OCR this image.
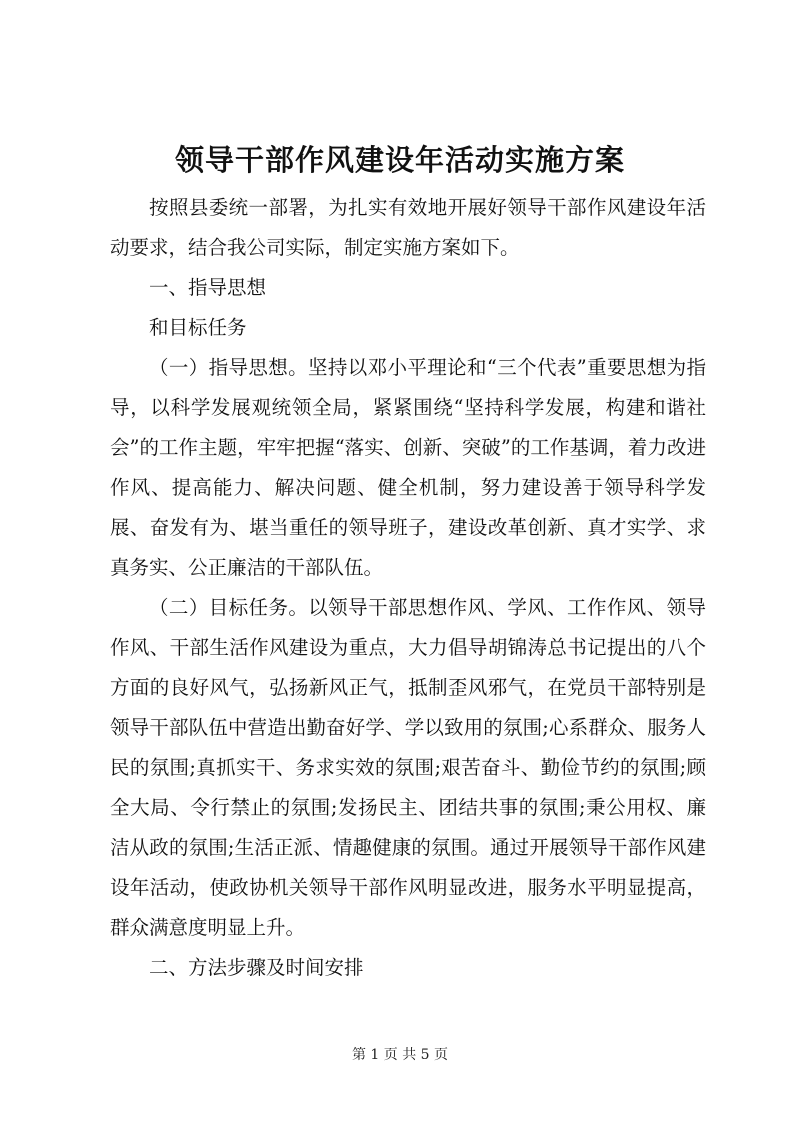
领导干部作风建设年活动实施方案

按照县委统一部署，为扎实有效地开展好领导干部作风建设年活动要求，结合我公司实际，制定实施方案如下。

一、指导思想

和目标任务

（一）指导思想。坚持以邓小平理论和“三个代表”重要思想为指导，以科学发展观统领全局，紧紧围绕“坚持科学发展，构建和谐社会”的工作主题，牢牢把握“落实、创新、突破”的工作基调，着力改进作风、提高能力、解决问题、健全机制，努力建设善于领导科学发展、奋发有为、堪当重任的领导班子，建设改革创新、真才实学、求真务实、公正廉洁的干部队伍。

（二）目标任务。以领导干部思想作风、学风、工作作风、领导作风、干部生活作风建设为重点，大力倡导胡锦涛总书记提出的八个方面的良好风气，弘扬新风正气，抵制歪风邪气，在党员干部特别是领导干部队伍中营造出勤奋好学、学以致用的氛围;心系群众、服务人民的氛围;真抓实干、务求实效的氛围;艰苦奋斗、勤俭节约的氛围;顾全大局、令行禁止的氛围;发扬民主、团结共事的氛围;秉公用权、廉洁从政的氛围;生活正派、情趣健康的氛围。通过开展领导干部作风建设年活动，使政协机关领导干部作风明显改进，服务水平明显提高，群众满意度明显上升。

二、方法步骤及时间安排

第 1 页 共 5 页
